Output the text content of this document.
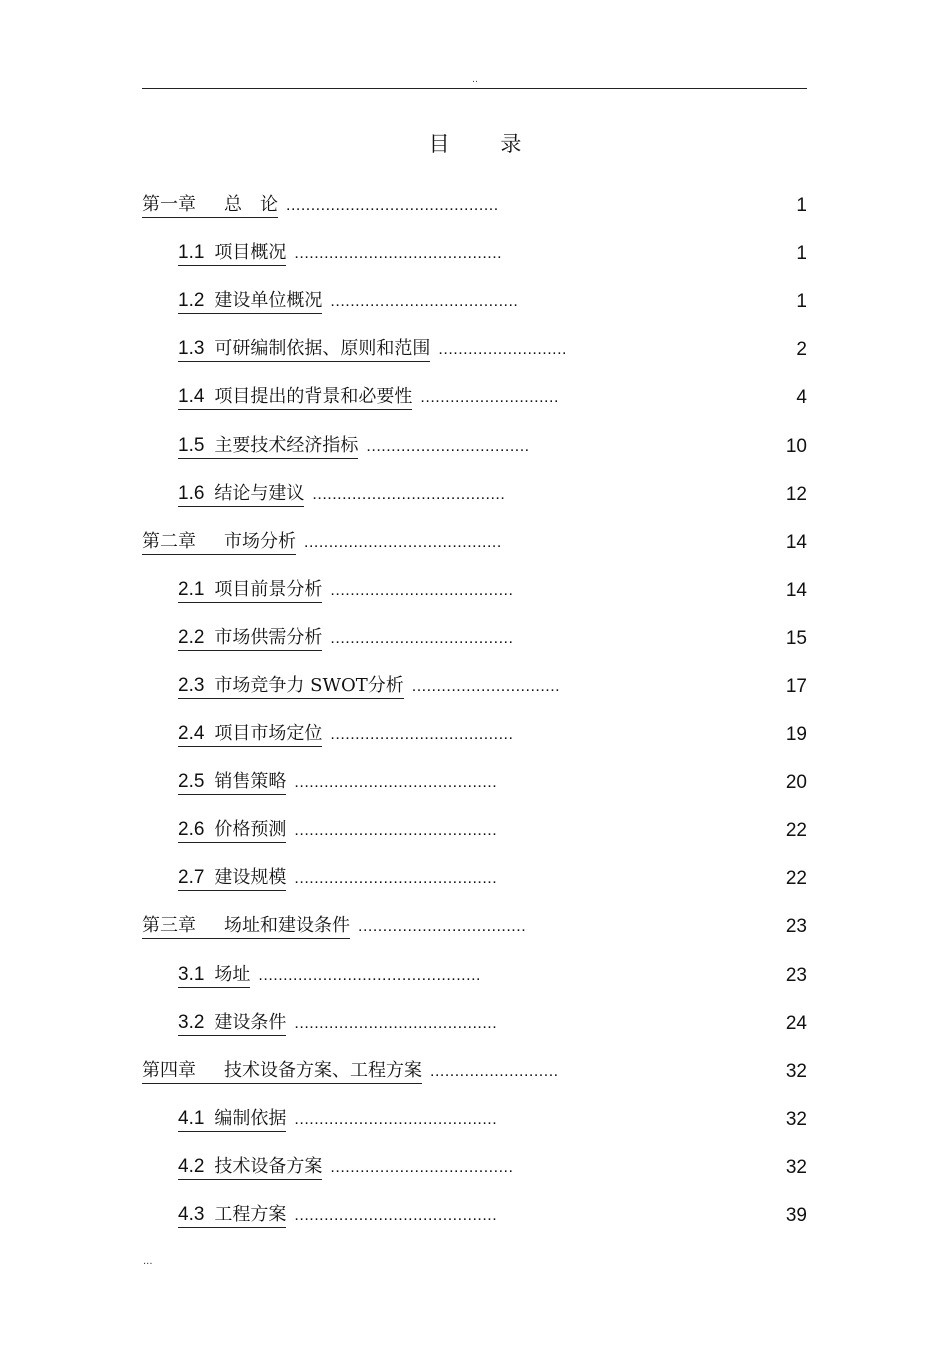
..
目 录
第一章 总　论 ...........................................	1
1.1 项目概况 ..........................................	1
1.2 建设单位概况 ......................................	1
1.3 可研编制依据、原则和范围 ..........................	2
1.4 项目提出的背景和必要性 ............................	4
1.5 主要技术经济指标 .................................	10
1.6 结论与建议 .......................................	12
第二章 市场分析 ........................................	14
2.1 项目前景分析 .....................................	14
2.2 市场供需分析 .....................................	15
2.3 市场竞争力 SWOT分析 ..............................	17
2.4 项目市场定位 .....................................	19
2.5 销售策略 .........................................	20
2.6 价格预测 .........................................	22
2.7 建设规模 .........................................	22
第三章 场址和建设条件 ..................................	23
3.1 场址 .............................................	23
3.2 建设条件 .........................................	24
第四章 技术设备方案、工程方案 ..........................	32
4.1 编制依据 .........................................	32
4.2 技术设备方案 .....................................	32
4.3 工程方案 .........................................	39
...
